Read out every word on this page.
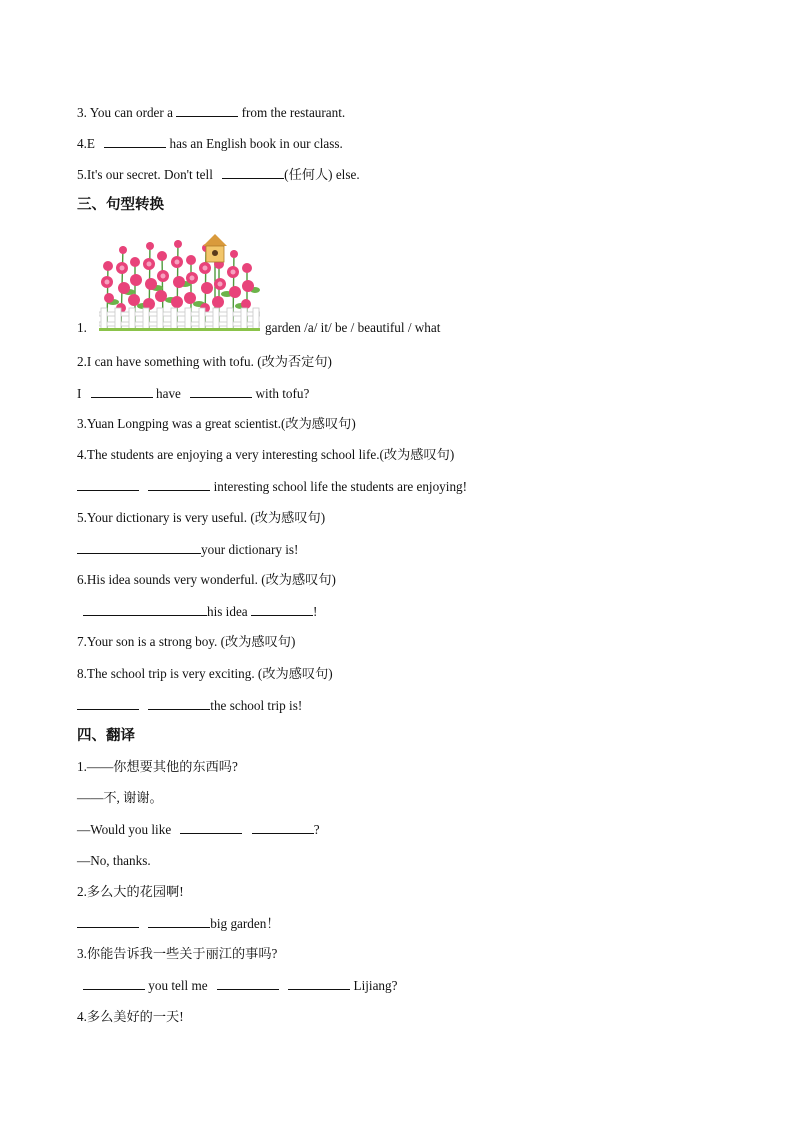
3. You can order a	from the restaurant.
4.E	has an English book in our class.
5.It's our secret. Don't tell	(任何人) else.
三、句型转换
1.	garden /a/ it/ be / beautiful / what
2.I can have something with tofu. (改为否定句)
I	have	with tofu?
3.Yuan Longping was a great scientist.(改为感叹句)
4.The students are enjoying a very interesting school life.(改为感叹句)
interesting school life the students are enjoying!
5.Your dictionary is very useful. (改为感叹句)
your dictionary is!
6.His idea sounds very wonderful. (改为感叹句)
his idea	!
7.Your son is a strong boy. (改为感叹句)
8.The school trip is very exciting. (改为感叹句)
the school trip is!
四、翻译
1.——你想要其他的东西吗?
——不, 谢谢。
—Would you like	?
—No, thanks.
2.多么大的花园啊!
big garden！
3.你能告诉我一些关于丽江的事吗?
you tell me	Lijiang?
4.多么美好的一天!
